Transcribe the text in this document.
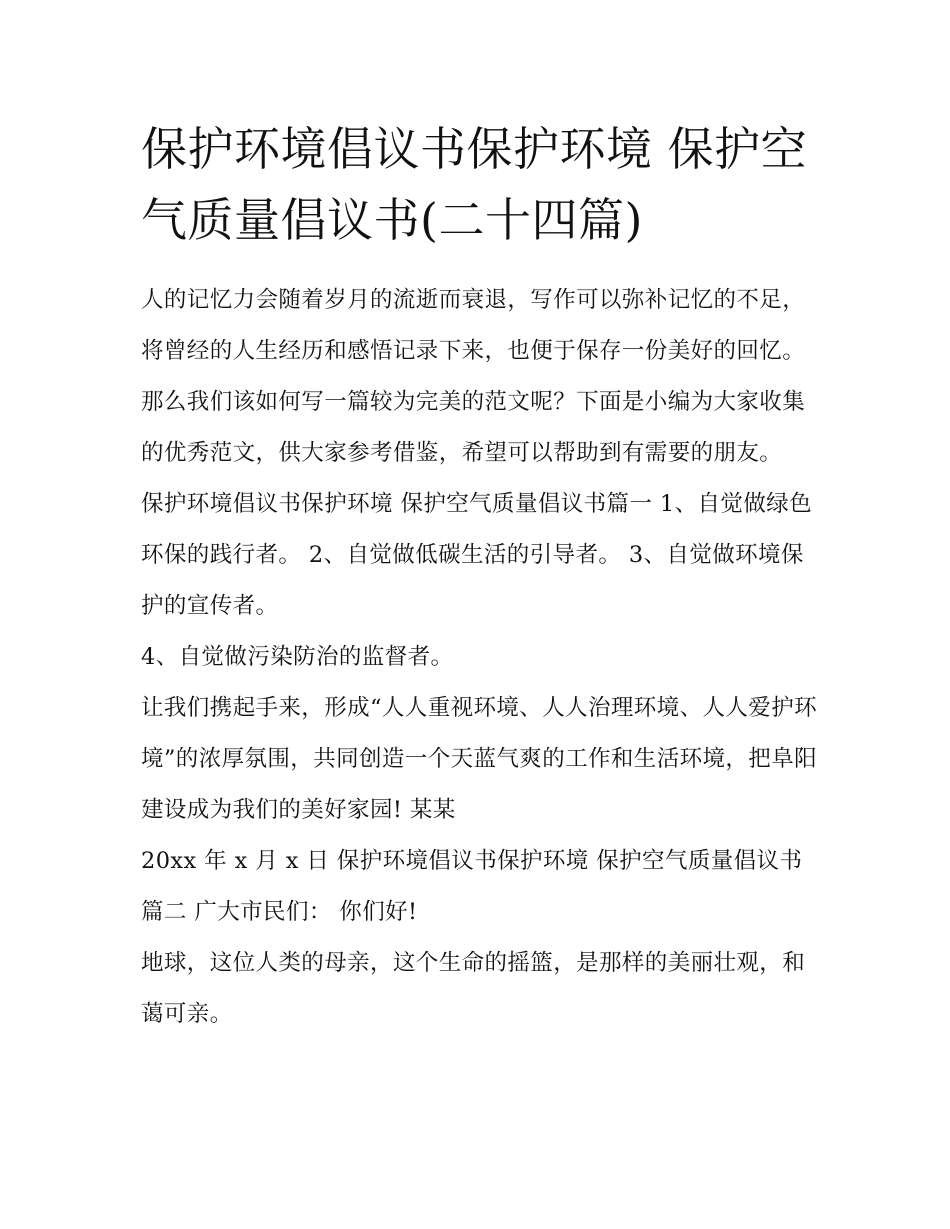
保护环境倡议书保护环境 保护空气质量倡议书(二十四篇)

人的记忆力会随着岁月的流逝而衰退，写作可以弥补记忆的不足，将曾经的人生经历和感悟记录下来，也便于保存一份美好的回忆。那么我们该如何写一篇较为完美的范文呢？下面是小编为大家收集的优秀范文，供大家参考借鉴，希望可以帮助到有需要的朋友。

保护环境倡议书保护环境 保护空气质量倡议书篇一 1、自觉做绿色环保的践行者。 2、自觉做低碳生活的引导者。 3、自觉做环境保护的宣传者。

4、自觉做污染防治的监督者。

让我们携起手来，形成“人人重视环境、人人治理环境、人人爱护环境”的浓厚氛围，共同创造一个天蓝气爽的工作和生活环境，把阜阳建设成为我们的美好家园! 某某

20xx 年 x 月 x 日 保护环境倡议书保护环境 保护空气质量倡议书篇二 广大市民们： 你们好!

地球，这位人类的母亲，这个生命的摇篮，是那样的美丽壮观，和蔼可亲。
